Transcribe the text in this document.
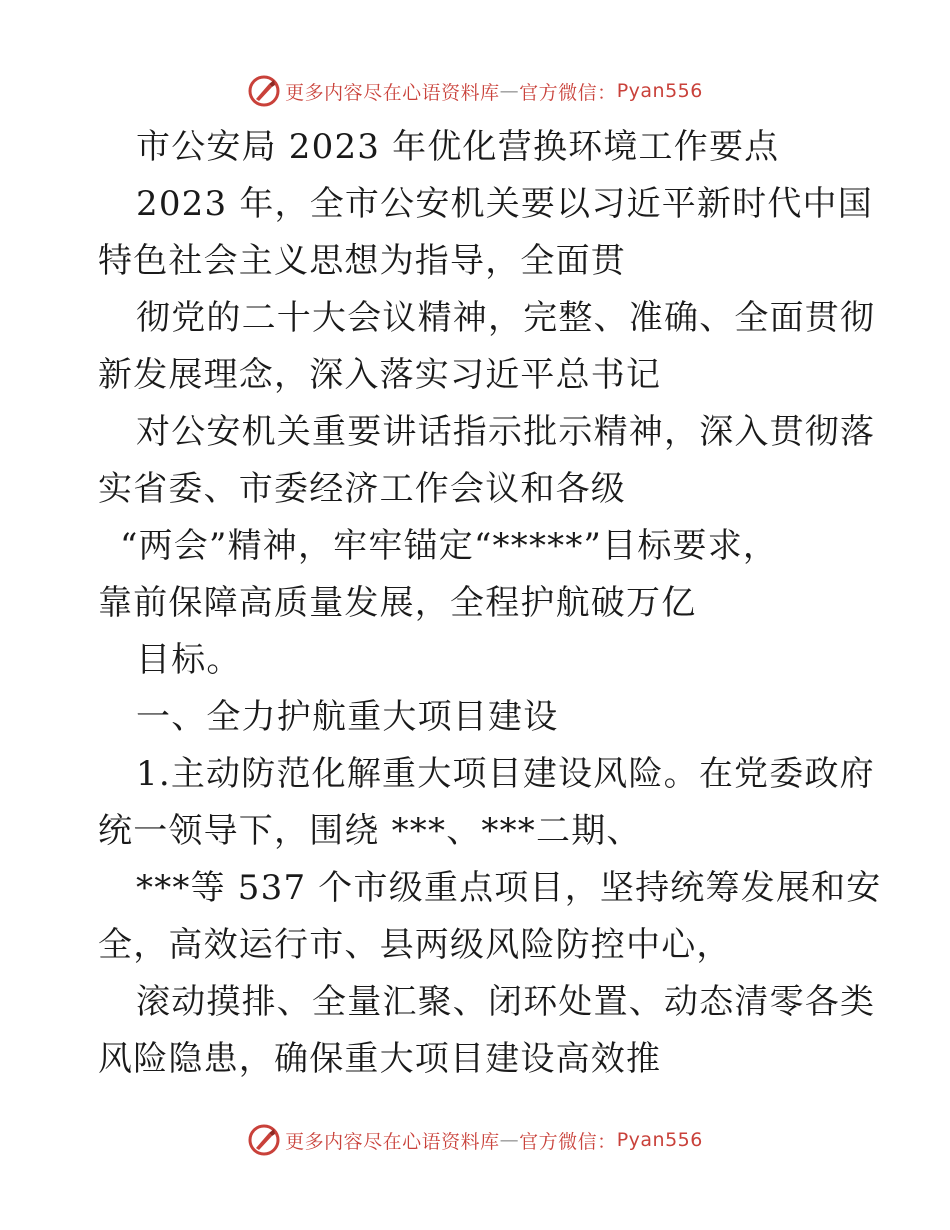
更多内容尽在心语资料库 — 官方微信： Pyan556
市公安局 2023 年优化营换环境工作要点
2023 年，全市公安机关要以习近平新时代中国
特色社会主义思想为指导，全面贯
彻党的二十大会议精神，完整、准确、全面贯彻
新发展理念，深入落实习近平总书记
对公安机关重要讲话指示批示精神，深入贯彻落
实省委、市委经济工作会议和各级
“两会”精神，牢牢锚定“*****”目标要求，
靠前保障高质量发展，全程护航破万亿
目标。
一、全力护航重大项目建设
1.主动防范化解重大项目建设风险。在党委政府
统一领导下，围绕 ***、***二期、
***等 537 个市级重点项目，坚持统筹发展和安
全，高效运行市、县两级风险防控中心，
滚动摸排、全量汇聚、闭环处置、动态清零各类
风险隐患，确保重大项目建设高效推
更多内容尽在心语资料库 — 官方微信： Pyan556
